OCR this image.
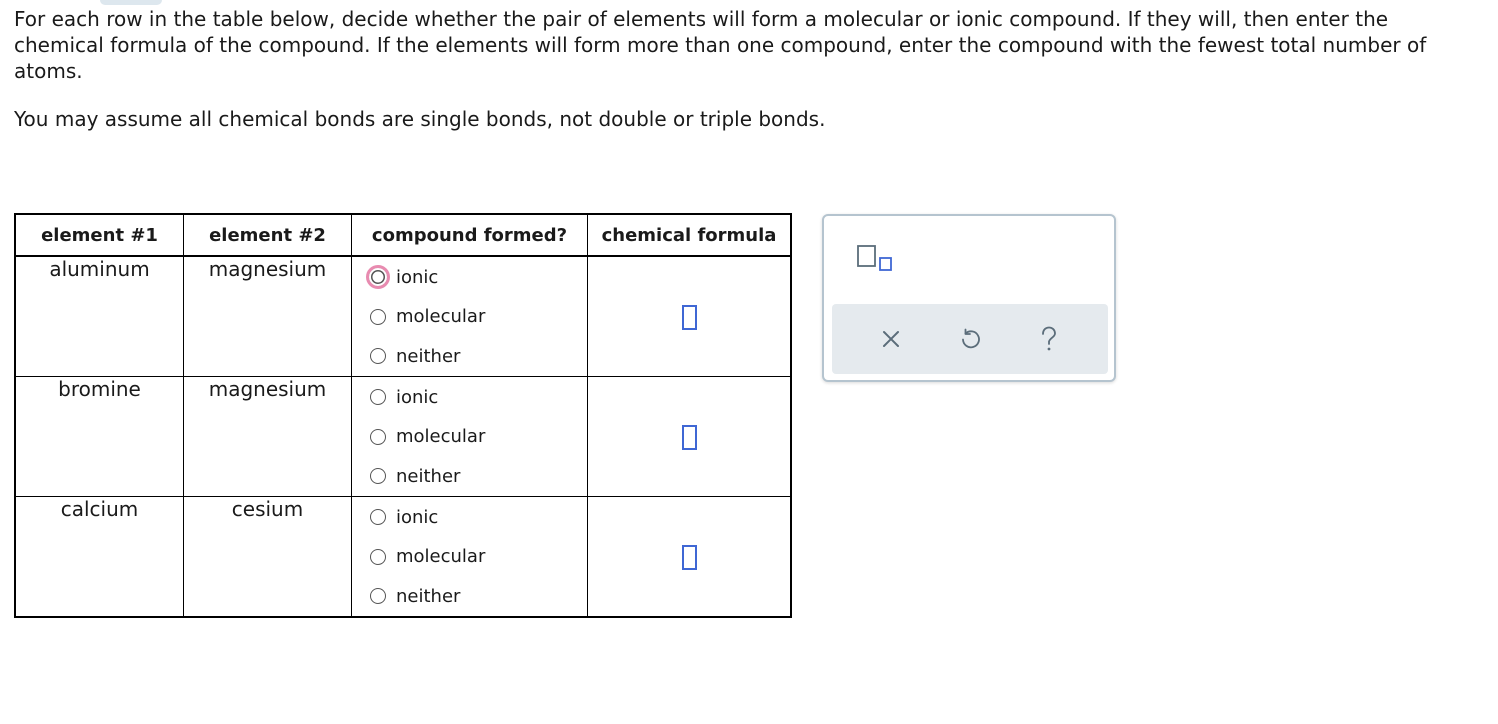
For each row in the table below, decide whether the pair of elements will form a molecular or ionic compound. If they will, then enter the chemical formula of the compound. If the elements will form more than one compound, enter the compound with the fewest total number of atoms.

You may assume all chemical bonds are single bonds, not double or triple bonds.

element #1	element #2	compound formed?	chemical formula
aluminum	magnesium	ionic
molecular
neither	

bromine	magnesium	ionic
molecular
neither	

calcium	cesium	ionic
molecular
neither	
